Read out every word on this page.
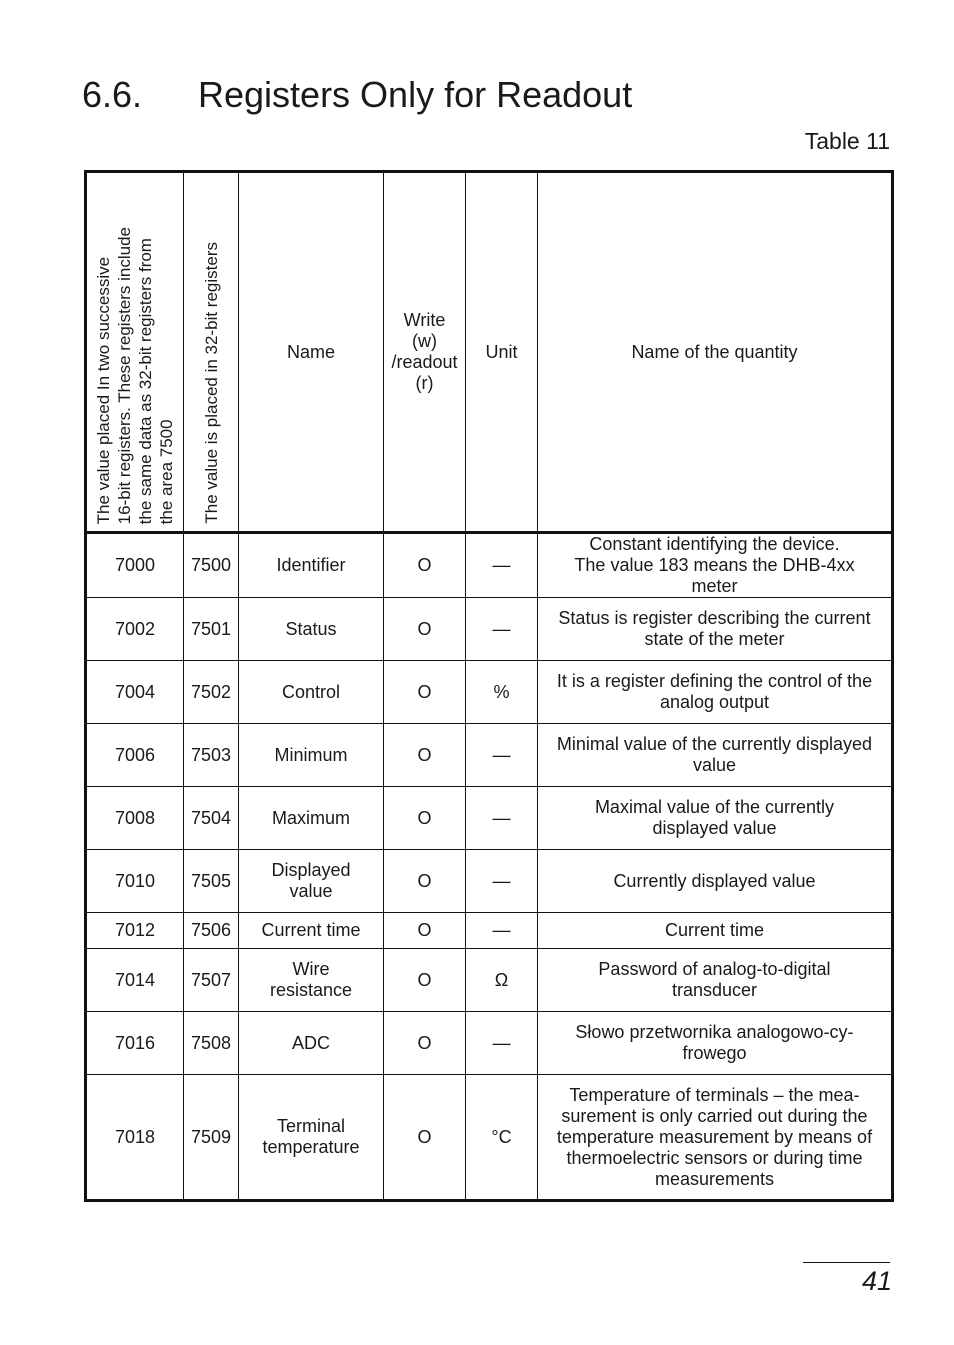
6.6. Registers Only for Readout
Table 11
The value placed In two successive
16-bit registers. These registers include
the same data as 32-bit registers from
the area 7500	The value is placed in 32-bit registers	Name	Write
(w)
/readout
(r)	Unit	Name of the quantity
7000	7500	Identifier	O	—	Constant identifying the device.
The value 183 means the DHB-4xx
meter
7002	7501	Status	O	—	Status is register describing the current
state of the meter
7004	7502	Control	O	%	It is a register defining the control of the
analog output
7006	7503	Minimum	O	—	Minimal value of the currently displayed
value
7008	7504	Maximum	O	—	Maximal value of the currently
displayed value
7010	7505	Displayed
value	O	—	Currently displayed value
7012	7506	Current time	O	—	Current time
7014	7507	Wire
resistance	O	Ω	Password of analog-to-digital
transducer
7016	7508	ADC	O	—	Słowo przetwornika analogowo-cy-
frowego
7018	7509	Terminal
temperature	O	°C	Temperature of terminals – the mea-
surement is only carried out during the
temperature measurement by means of
thermoelectric sensors or during time
measurements
41
